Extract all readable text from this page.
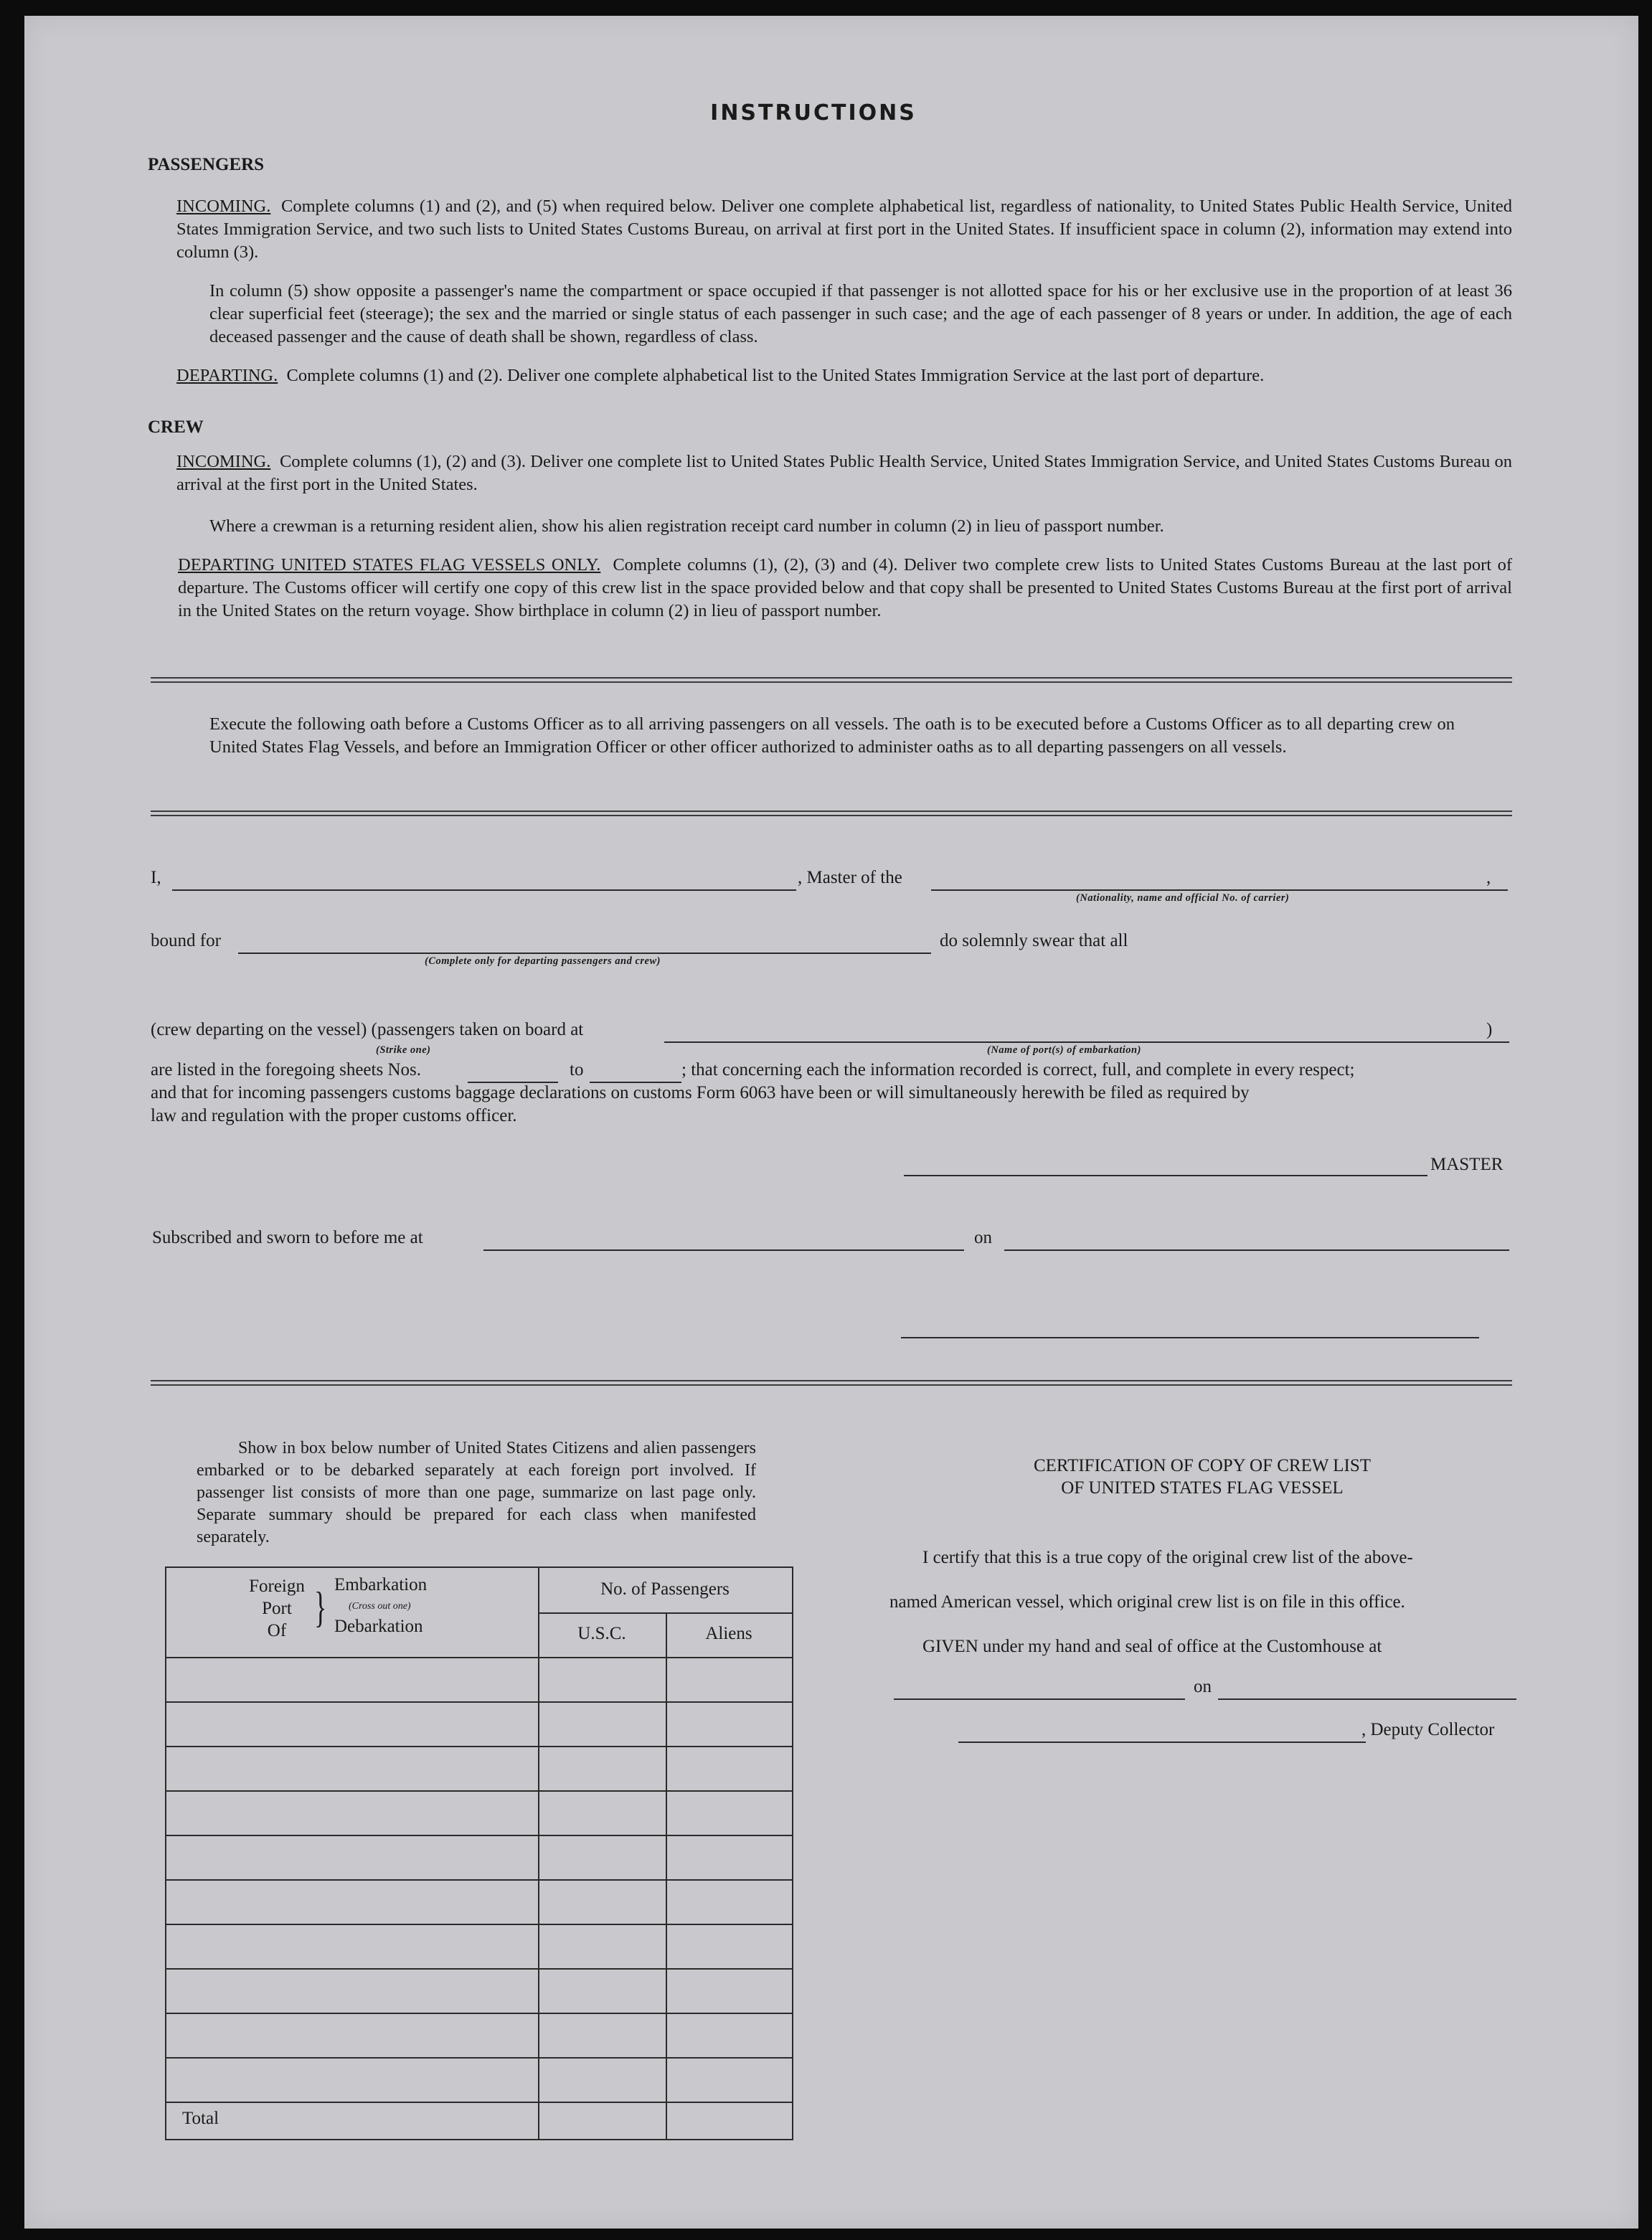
INSTRUCTIONS
PASSENGERS
INCOMING. Complete columns (1) and (2), and (5) when required below. Deliver one complete alphabetical list, regardless of nationality, to United States Public Health Service, United States Immigration Service, and two such lists to United States Customs Bureau, on arrival at first port in the United States. If insufficient space in column (2), information may extend into column (3).
In column (5) show opposite a passenger's name the compartment or space occupied if that passenger is not allotted space for his or her exclusive use in the proportion of at least 36 clear superficial feet (steerage); the sex and the married or single status of each passenger in such case; and the age of each passenger of 8 years or under. In addition, the age of each deceased passenger and the cause of death shall be shown, regardless of class.
DEPARTING. Complete columns (1) and (2). Deliver one complete alphabetical list to the United States Immigration Service at the last port of departure.
CREW
INCOMING. Complete columns (1), (2) and (3). Deliver one complete list to United States Public Health Service, United States Immigration Service, and United States Customs Bureau on arrival at the first port in the United States.
Where a crewman is a returning resident alien, show his alien registration receipt card number in column (2) in lieu of passport number.
DEPARTING UNITED STATES FLAG VESSELS ONLY. Complete columns (1), (2), (3) and (4). Deliver two complete crew lists to United States Customs Bureau at the last port of departure. The Customs officer will certify one copy of this crew list in the space provided below and that copy shall be presented to United States Customs Bureau at the first port of arrival in the United States on the return voyage. Show birthplace in column (2) in lieu of passport number.
Execute the following oath before a Customs Officer as to all arriving passengers on all vessels. The oath is to be executed before a Customs Officer as to all departing crew on United States Flag Vessels, and before an Immigration Officer or other officer authorized to administer oaths as to all departing passengers on all vessels.
I,	, Master of the	,
(Nationality, name and official No. of carrier)
bound for
(Complete only for departing passengers and crew)
do solemnly swear that all
(crew departing on the vessel) (passengers taken on board at	)
(Strike one)	(Name of port(s) of embarkation)
are listed in the foregoing sheets Nos.	to	; that concerning each the information recorded is correct, full, and complete in every respect;
and that for incoming passengers customs baggage declarations on customs Form 6063 have been or will simultaneously herewith be filed as required by
law and regulation with the proper customs officer.
MASTER
Subscribed and sworn to before me at	on
Show in box below number of United States Citizens and alien passengers embarked or to be debarked separately at each foreign port involved. If passenger list consists of more than one page, summarize on last page only. Separate summary should be prepared for each class when manifested separately.
Foreign
Port
Of } Embarkation
(Cross out one)
Debarkation
No. of Passengers
U.S.C.	Aliens
Total
CERTIFICATION OF COPY OF CREW LIST
OF UNITED STATES FLAG VESSEL
I certify that this is a true copy of the original crew list of the above-
named American vessel, which original crew list is on file in this office.
GIVEN under my hand and seal of office at the Customhouse at
on
, Deputy Collector
